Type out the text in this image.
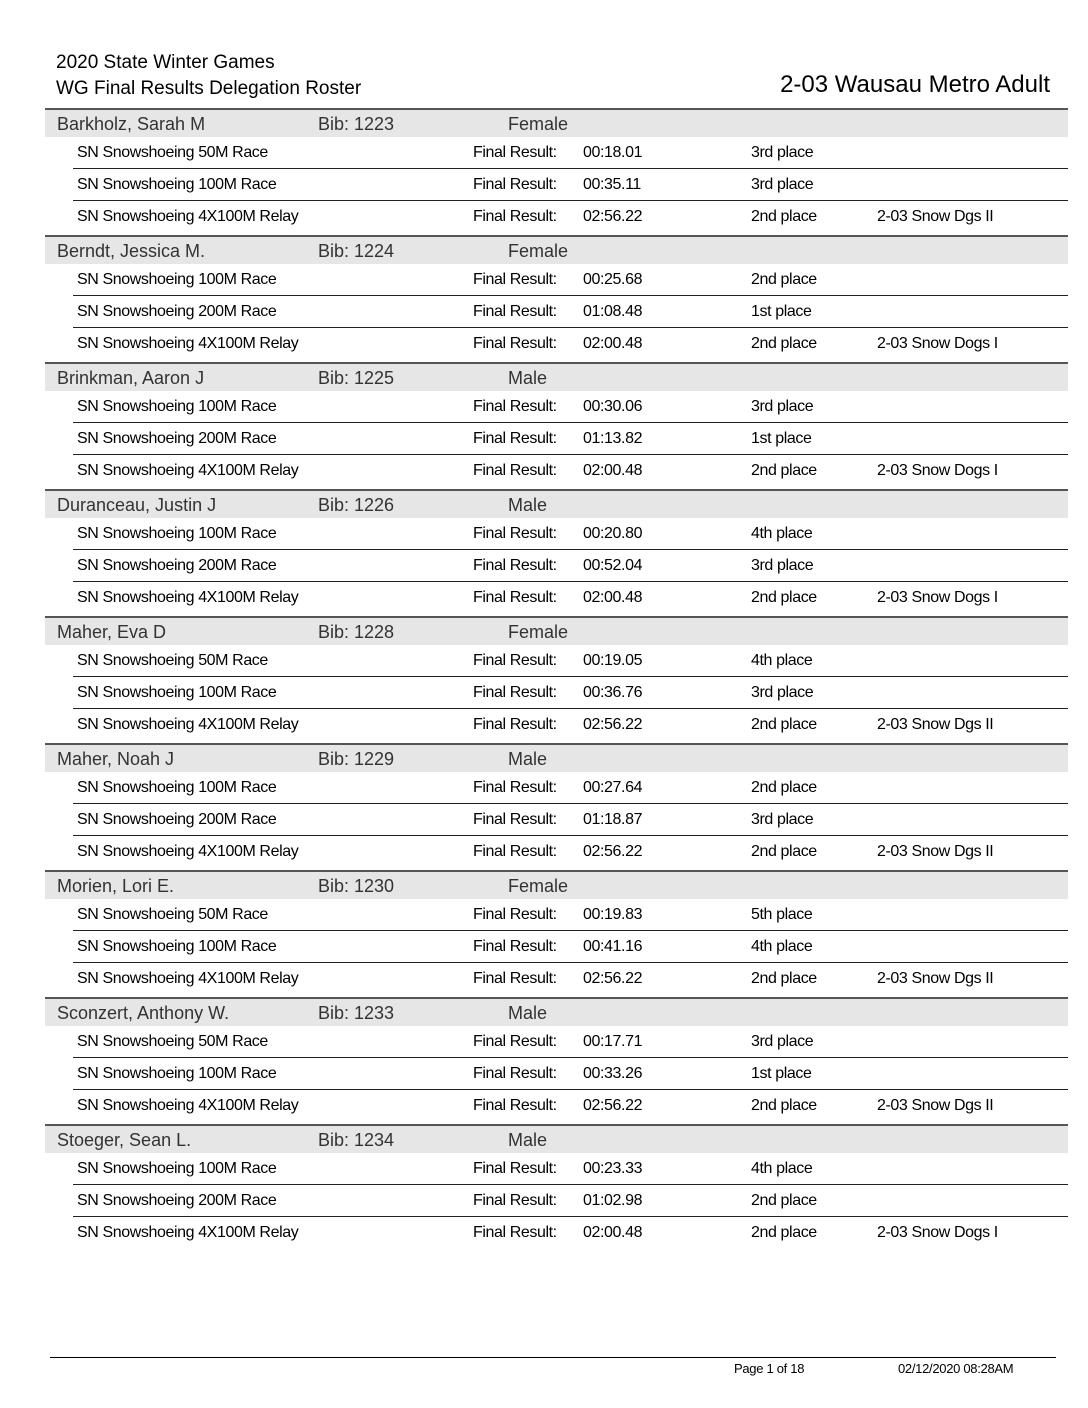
2020 State Winter Games
WG Final Results Delegation Roster	2-03 Wausau Metro Adult
Barkholz, Sarah M	Bib: 1223	Female
SN Snowshoeing 50M Race	Final Result: 00:18.01	3rd place
SN Snowshoeing 100M Race	Final Result: 00:35.11	3rd place
SN Snowshoeing 4X100M Relay	Final Result: 02:56.22	2nd place	2-03 Snow Dgs II
Berndt, Jessica M.	Bib: 1224	Female
SN Snowshoeing 100M Race	Final Result: 00:25.68	2nd place
SN Snowshoeing 200M Race	Final Result: 01:08.48	1st place
SN Snowshoeing 4X100M Relay	Final Result: 02:00.48	2nd place	2-03 Snow Dogs I
Brinkman, Aaron J	Bib: 1225	Male
SN Snowshoeing 100M Race	Final Result: 00:30.06	3rd place
SN Snowshoeing 200M Race	Final Result: 01:13.82	1st place
SN Snowshoeing 4X100M Relay	Final Result: 02:00.48	2nd place	2-03 Snow Dogs I
Duranceau, Justin J	Bib: 1226	Male
SN Snowshoeing 100M Race	Final Result: 00:20.80	4th place
SN Snowshoeing 200M Race	Final Result: 00:52.04	3rd place
SN Snowshoeing 4X100M Relay	Final Result: 02:00.48	2nd place	2-03 Snow Dogs I
Maher, Eva D	Bib: 1228	Female
SN Snowshoeing 50M Race	Final Result: 00:19.05	4th place
SN Snowshoeing 100M Race	Final Result: 00:36.76	3rd place
SN Snowshoeing 4X100M Relay	Final Result: 02:56.22	2nd place	2-03 Snow Dgs II
Maher, Noah J	Bib: 1229	Male
SN Snowshoeing 100M Race	Final Result: 00:27.64	2nd place
SN Snowshoeing 200M Race	Final Result: 01:18.87	3rd place
SN Snowshoeing 4X100M Relay	Final Result: 02:56.22	2nd place	2-03 Snow Dgs II
Morien, Lori E.	Bib: 1230	Female
SN Snowshoeing 50M Race	Final Result: 00:19.83	5th place
SN Snowshoeing 100M Race	Final Result: 00:41.16	4th place
SN Snowshoeing 4X100M Relay	Final Result: 02:56.22	2nd place	2-03 Snow Dgs II
Sconzert, Anthony W.	Bib: 1233	Male
SN Snowshoeing 50M Race	Final Result: 00:17.71	3rd place
SN Snowshoeing 100M Race	Final Result: 00:33.26	1st place
SN Snowshoeing 4X100M Relay	Final Result: 02:56.22	2nd place	2-03 Snow Dgs II
Stoeger, Sean L.	Bib: 1234	Male
SN Snowshoeing 100M Race	Final Result: 00:23.33	4th place
SN Snowshoeing 200M Race	Final Result: 01:02.98	2nd place
SN Snowshoeing 4X100M Relay	Final Result: 02:00.48	2nd place	2-03 Snow Dogs I
Page 1 of 18	02/12/2020 08:28AM
